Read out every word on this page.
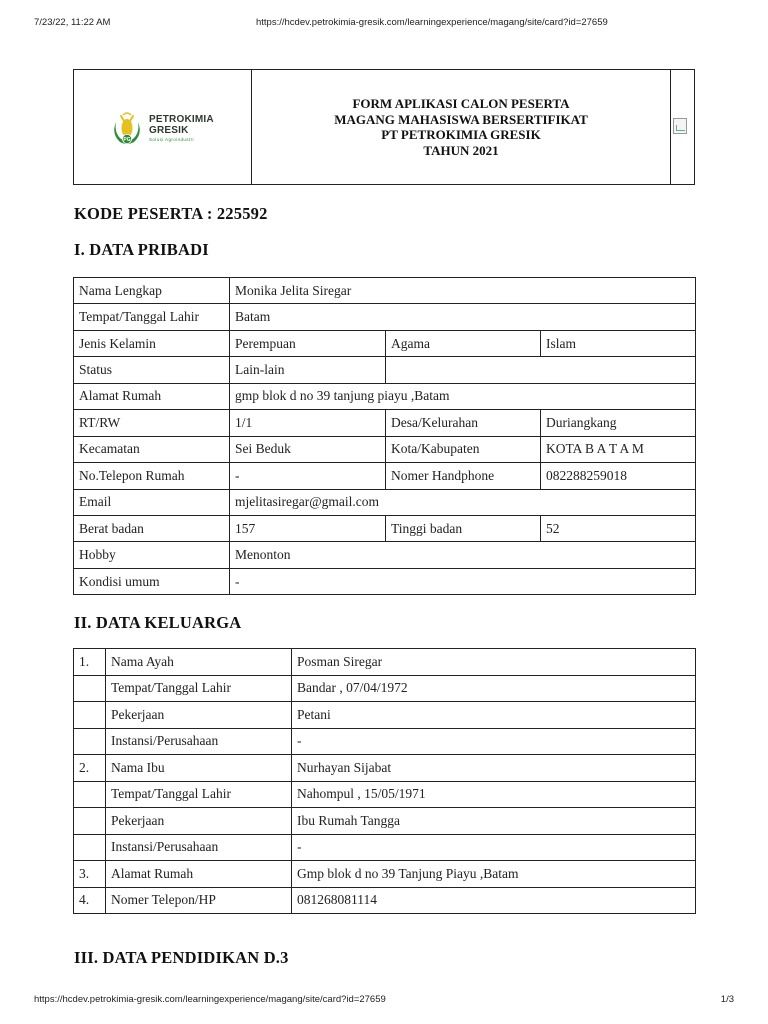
7/23/22, 11:22 AM	https://hcdev.petrokimia-gresik.com/learningexperience/magang/site/card?id=27659
PG
PETROKIMIA
GRESIK
Solusi Agroindustri
FORM APLIKASI CALON PESERTA
MAGANG MAHASISWA BERSERTIFIKAT
PT PETROKIMIA GRESIK
TAHUN 2021
KODE PESERTA : 225592
I. DATA PRIBADI
Nama Lengkap	Monika Jelita Siregar		
Tempat/Tanggal Lahir	Batam		
Jenis Kelamin	Perempuan	Agama	Islam
Status	Lain-lain		
Alamat Rumah	gmp blok d no 39 tanjung piayu ,Batam		
RT/RW	1/1	Desa/Kelurahan	Duriangkang
Kecamatan	Sei Beduk	Kota/Kabupaten	KOTA B A T A M
No.Telepon Rumah	-	Nomer Handphone	082288259018
Email	mjelitasiregar@gmail.com		
Berat badan	157	Tinggi badan	52
Hobby	Menonton		
Kondisi umum	-		
II. DATA KELUARGA
1.	Nama Ayah	Posman Siregar
	Tempat/Tanggal Lahir	Bandar , 07/04/1972
	Pekerjaan	Petani
	Instansi/Perusahaan	-
2.	Nama Ibu	Nurhayan Sijabat
	Tempat/Tanggal Lahir	Nahompul , 15/05/1971
	Pekerjaan	Ibu Rumah Tangga
	Instansi/Perusahaan	-
3.	Alamat Rumah	Gmp blok d no 39 Tanjung Piayu ,Batam
4.	Nomer Telepon/HP	081268081114
III. DATA PENDIDIKAN D.3
https://hcdev.petrokimia-gresik.com/learningexperience/magang/site/card?id=27659	1/3
